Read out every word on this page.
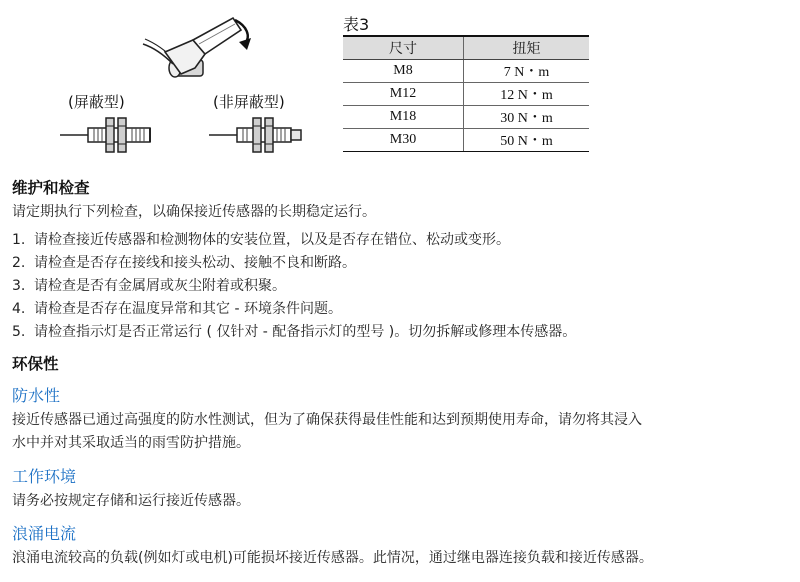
(屏蔽型)	(非屏蔽型)
表3
尺寸	扭矩
M8	7 N・m
M12	12 N・m
M18	30 N・m
M30	50 N・m
维护和检查
请定期执行下列检查，以确保接近传感器的长期稳定运行。
1. 请检查接近传感器和检测物体的安装位置，以及是否存在错位、松动或变形。
2. 请检查是否存在接线和接头松动、接触不良和断路。
3. 请检查是否有金属屑或灰尘附着或积聚。
4. 请检查是否存在温度异常和其它 - 环境条件问题。
5. 请检查指示灯是否正常运行 ( 仅针对 - 配备指示灯的型号 )。切勿拆解或修理本传感器。
环保性
防水性
接近传感器已通过高强度的防水性测试，但为了确保获得最佳性能和达到预期使用寿命，请勿将其浸入
水中并对其采取适当的雨雪防护措施。
工作环境
请务必按规定存储和运行接近传感器。
浪涌电流
浪涌电流较高的负载(例如灯或电机)可能损坏接近传感器。此情况，通过继电器连接负载和接近传感器。
